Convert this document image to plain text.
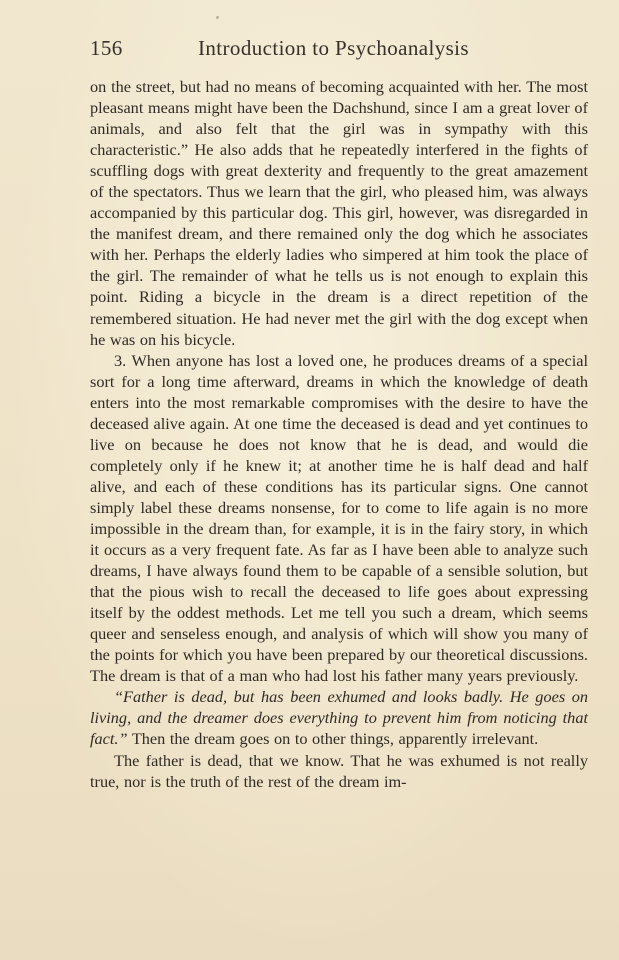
156	Introduction to Psychoanalysis

on the street, but had no means of becoming acquainted with her. The most pleasant means might have been the Dachshund, since I am a great lover of animals, and also felt that the girl was in sympathy with this characteristic.” He also adds that he repeatedly interfered in the fights of scuffling dogs with great dexterity and frequently to the great amazement of the spectators. Thus we learn that the girl, who pleased him, was always accompanied by this particular dog. This girl, however, was disregarded in the manifest dream, and there remained only the dog which he associates with her. Perhaps the elderly ladies who simpered at him took the place of the girl. The remainder of what he tells us is not enough to explain this point. Riding a bicycle in the dream is a direct repetition of the remembered situation. He had never met the girl with the dog except when he was on his bicycle.

3. When anyone has lost a loved one, he produces dreams of a special sort for a long time afterward, dreams in which the knowledge of death enters into the most remarkable compromises with the desire to have the deceased alive again. At one time the deceased is dead and yet continues to live on because he does not know that he is dead, and would die completely only if he knew it; at another time he is half dead and half alive, and each of these conditions has its particular signs. One cannot simply label these dreams nonsense, for to come to life again is no more impossible in the dream than, for example, it is in the fairy story, in which it occurs as a very frequent fate. As far as I have been able to analyze such dreams, I have always found them to be capable of a sensible solution, but that the pious wish to recall the deceased to life goes about expressing itself by the oddest methods. Let me tell you such a dream, which seems queer and senseless enough, and analysis of which will show you many of the points for which you have been prepared by our theoretical discussions. The dream is that of a man who had lost his father many years previously.

“Father is dead, but has been exhumed and looks badly. He goes on living, and the dreamer does everything to prevent him from noticing that fact.” Then the dream goes on to other things, apparently irrelevant.

The father is dead, that we know. That he was exhumed is not really true, nor is the truth of the rest of the dream im-
